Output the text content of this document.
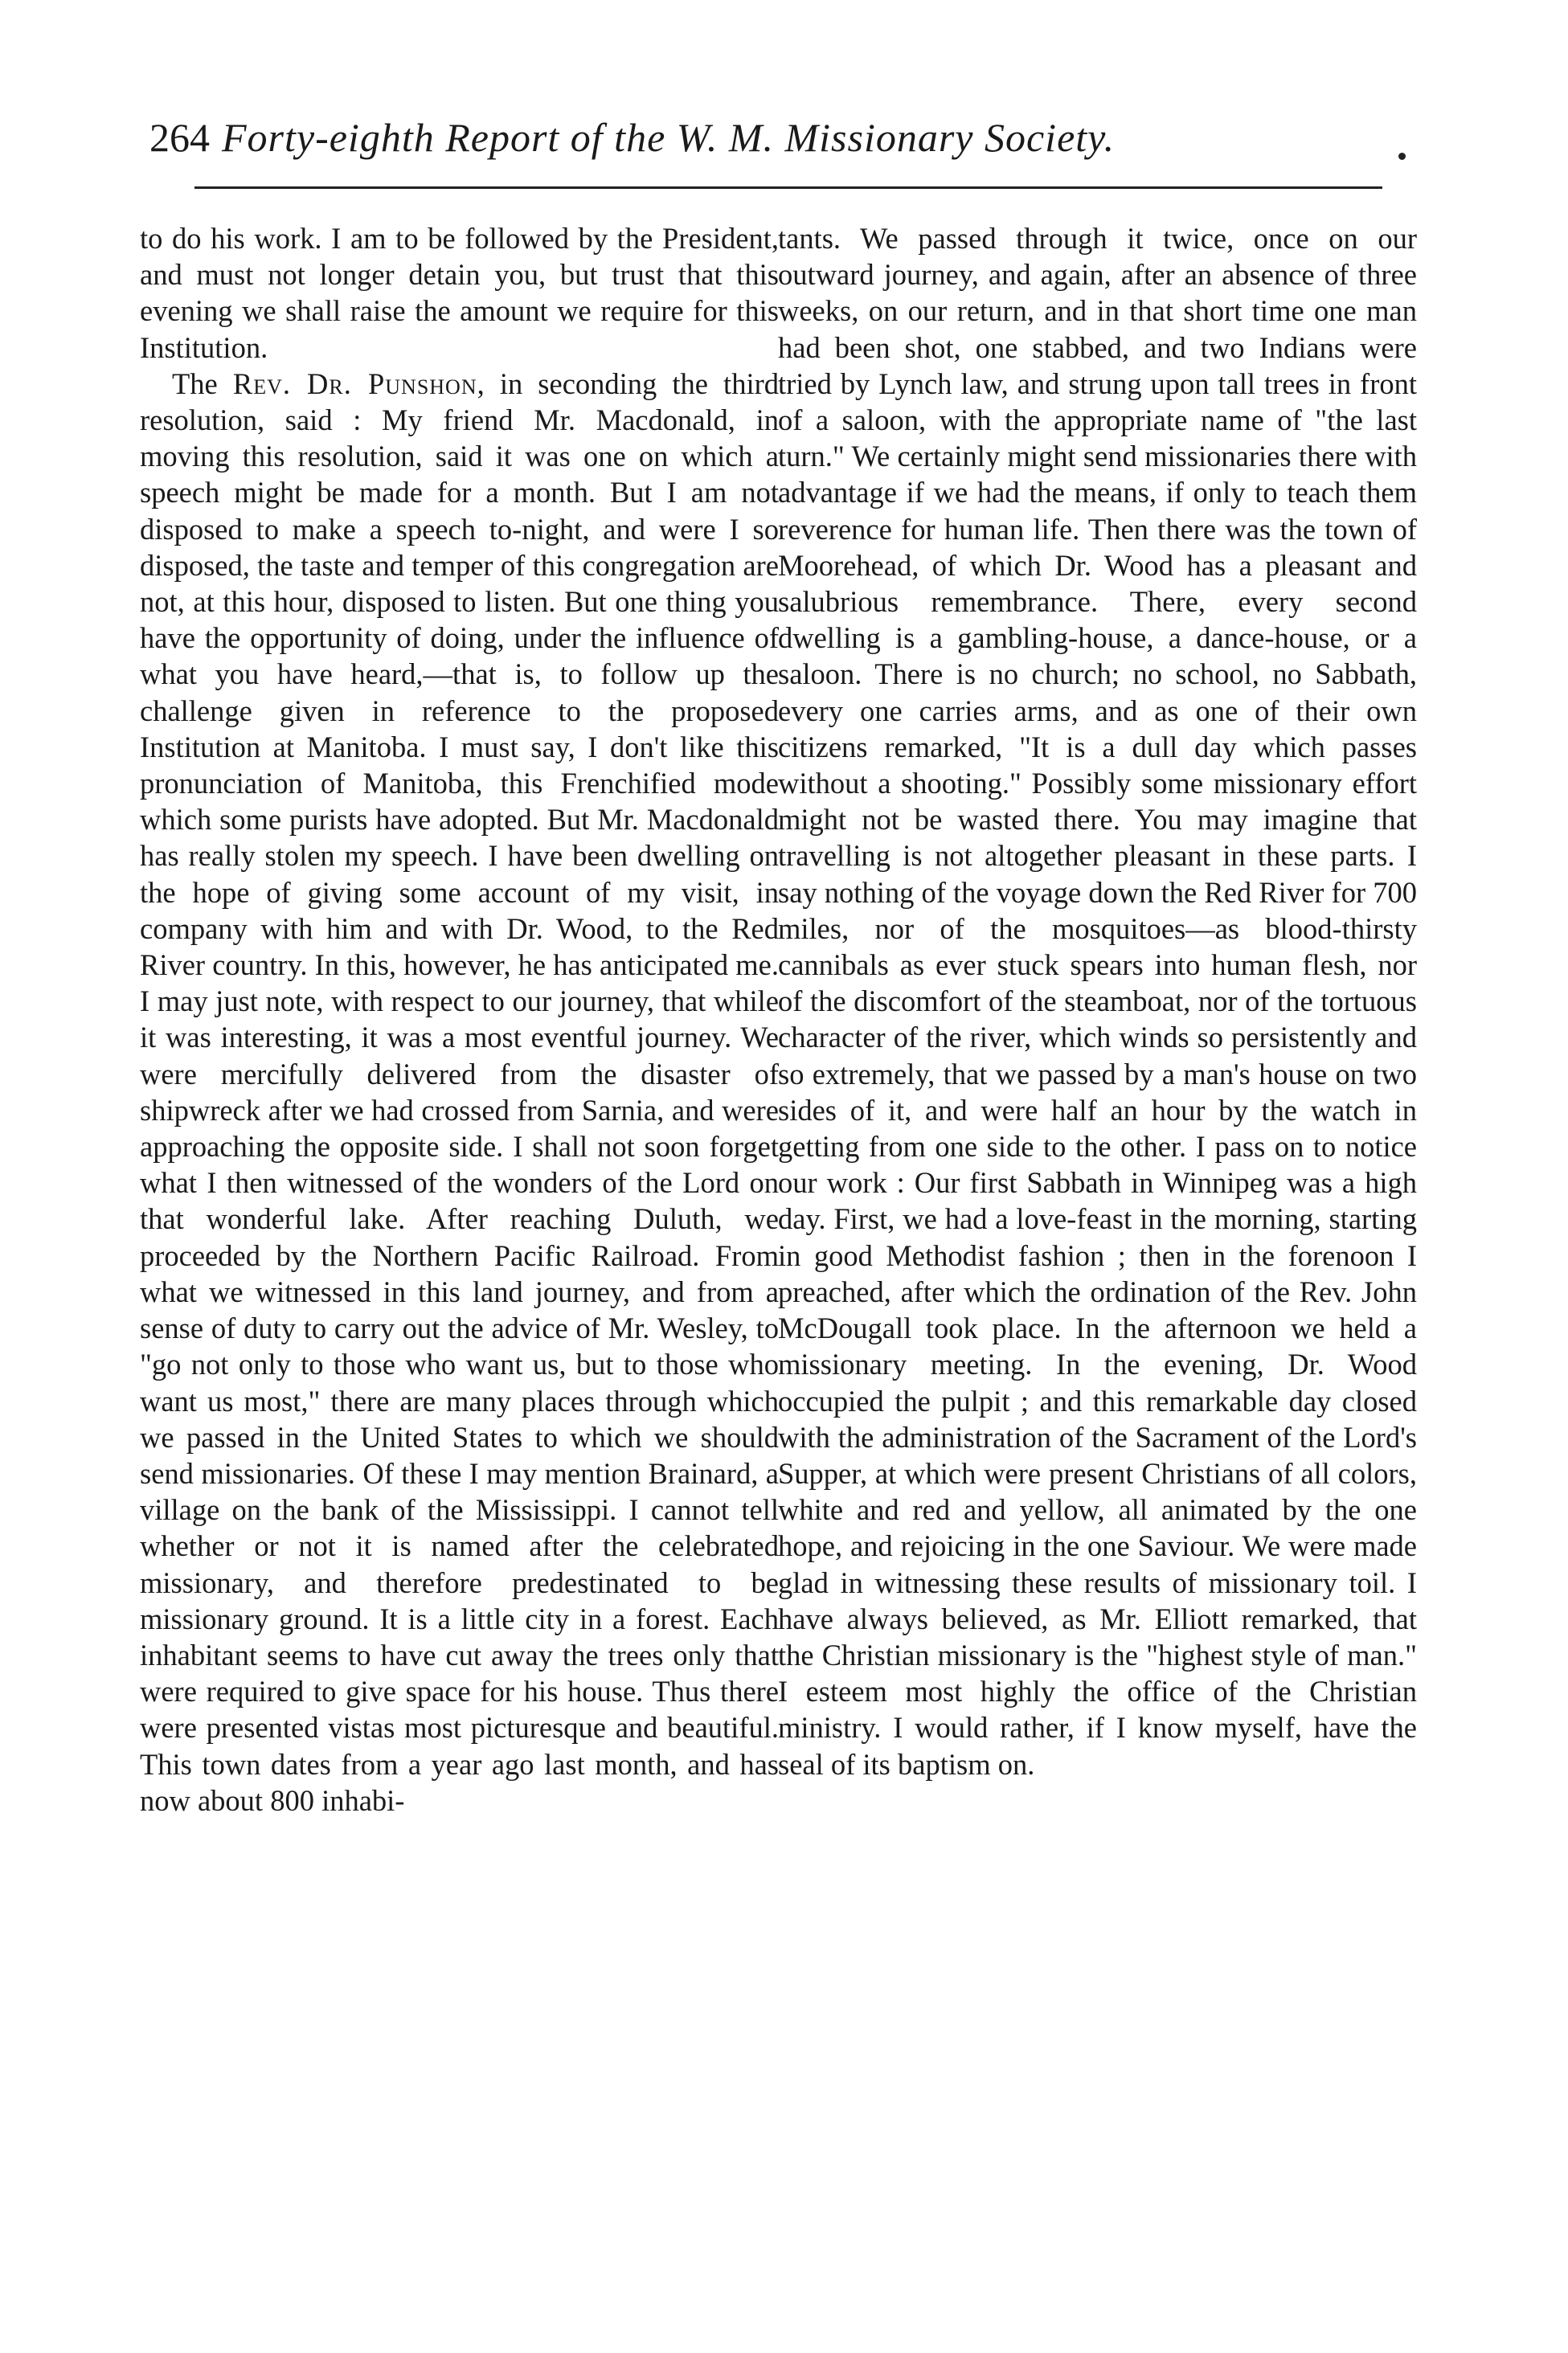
264 Forty-eighth Report of the W. M. Missionary Society.

to do his work. I am to be followed by the President, and must not longer detain you, but trust that this evening we shall raise the amount we require for this Institution.

The Rev. Dr. Punshon, in seconding the third resolution, said : My friend Mr. Macdonald, in moving this resolution, said it was one on which a speech might be made for a month. But I am not disposed to make a speech to-night, and were I so disposed, the taste and temper of this congregation are not, at this hour, disposed to listen. But one thing you have the opportunity of doing, under the influence of what you have heard,—that is, to follow up the challenge given in reference to the proposed Institution at Manitoba. I must say, I don't like this pronunciation of Manitoba, this Frenchified mode which some purists have adopted. But Mr. Macdonald has really stolen my speech. I have been dwelling on the hope of giving some account of my visit, in company with him and with Dr. Wood, to the Red River country. In this, however, he has anticipated me. I may just note, with respect to our journey, that while it was interesting, it was a most eventful journey. We were mercifully delivered from the disaster of shipwreck after we had crossed from Sarnia, and were approaching the opposite side. I shall not soon forget what I then witnessed of the wonders of the Lord on that wonderful lake. After reaching Duluth, we proceeded by the Northern Pacific Railroad. From what we witnessed in this land journey, and from a sense of duty to carry out the advice of Mr. Wesley, to "go not only to those who want us, but to those who want us most," there are many places through which we passed in the United States to which we should send missionaries. Of these I may mention Brainard, a village on the bank of the Mississippi. I cannot tell whether or not it is named after the celebrated missionary, and therefore predestinated to be missionary ground. It is a little city in a forest. Each inhabitant seems to have cut away the trees only that were required to give space for his house. Thus there were presented vistas most picturesque and beautiful. This town dates from a year ago last month, and has now about 800 inhabi-

tants. We passed through it twice, once on our outward journey, and again, after an absence of three weeks, on our return, and in that short time one man had been shot, one stabbed, and two Indians were tried by Lynch law, and strung upon tall trees in front of a saloon, with the appropriate name of "the last turn." We certainly might send missionaries there with advantage if we had the means, if only to teach them reverence for human life. Then there was the town of Moorehead, of which Dr. Wood has a pleasant and salubrious remembrance. There, every second dwelling is a gambling-house, a dance-house, or a saloon. There is no church; no school, no Sabbath, every one carries arms, and as one of their own citizens remarked, "It is a dull day which passes without a shooting." Possibly some missionary effort might not be wasted there. You may imagine that travelling is not altogether pleasant in these parts. I say nothing of the voyage down the Red River for 700 miles, nor of the mosquitoes—as blood-thirsty cannibals as ever stuck spears into human flesh, nor of the discomfort of the steamboat, nor of the tortuous character of the river, which winds so persistently and so extremely, that we passed by a man's house on two sides of it, and were half an hour by the watch in getting from one side to the other. I pass on to notice our work : Our first Sabbath in Winnipeg was a high day. First, we had a love-feast in the morning, starting in good Methodist fashion ; then in the forenoon I preached, after which the ordination of the Rev. John McDougall took place. In the afternoon we held a missionary meeting. In the evening, Dr. Wood occupied the pulpit ; and this remarkable day closed with the administration of the Sacrament of the Lord's Supper, at which were present Christians of all colors, white and red and yellow, all animated by the one hope, and rejoicing in the one Saviour. We were made glad in witnessing these results of missionary toil. I have always believed, as Mr. Elliott remarked, that the Christian missionary is the "highest style of man." I esteem most highly the office of the Christian ministry. I would rather, if I know myself, have the seal of its baptism on.
